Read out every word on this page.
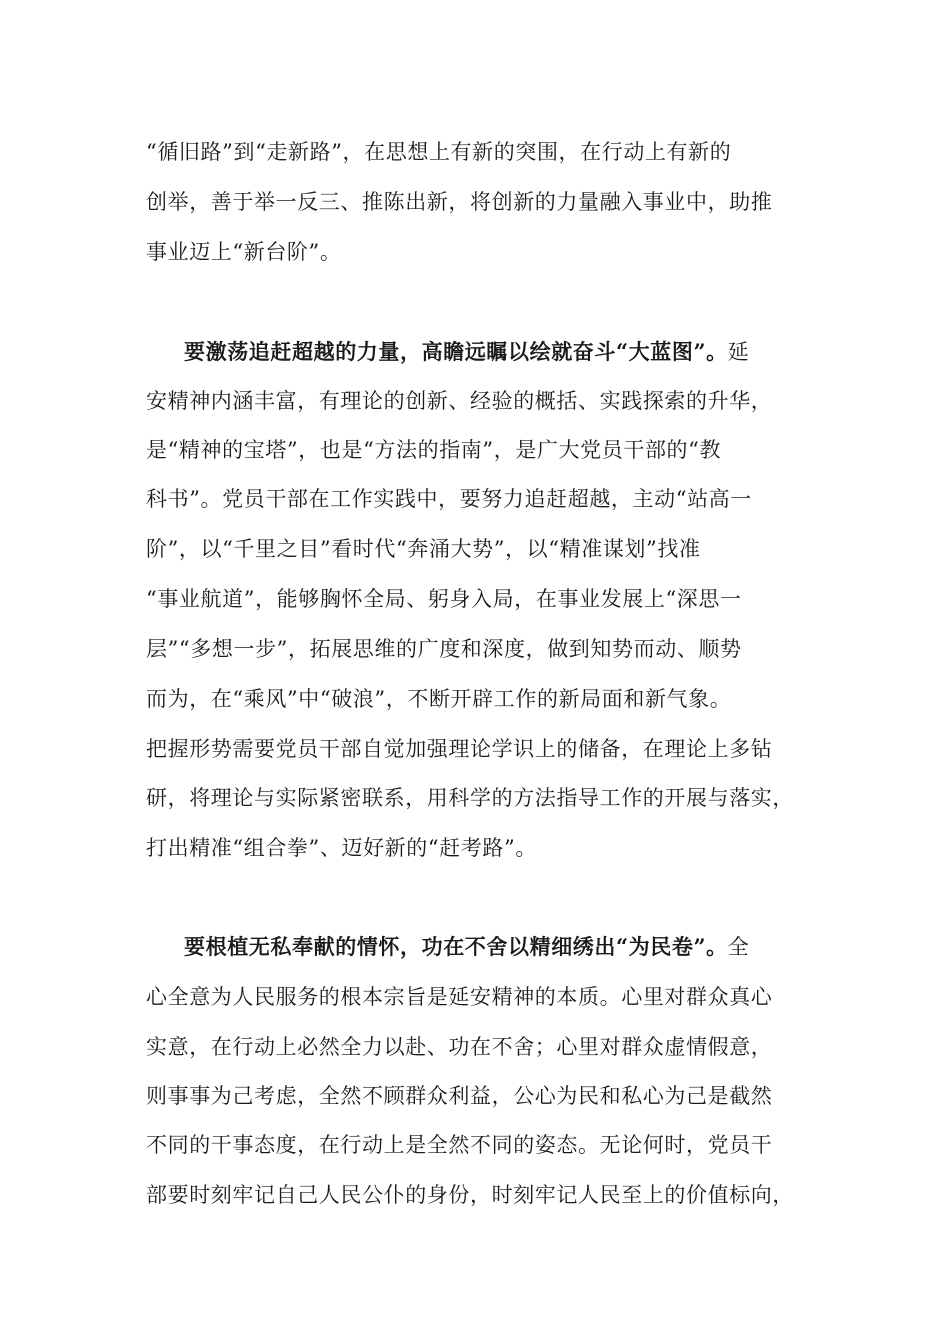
“循旧路”到“走新路”，在思想上有新的突围，在行动上有新的
创举，善于举一反三、推陈出新，将创新的力量融入事业中，助推
事业迈上“新台阶”。
要激荡追赶超越的力量，高瞻远瞩以绘就奋斗“大蓝图”。延
安精神内涵丰富，有理论的创新、经验的概括、实践探索的升华，
是“精神的宝塔”，也是“方法的指南”，是广大党员干部的“教
科书”。党员干部在工作实践中，要努力追赶超越，主动“站高一
阶”，以“千里之目”看时代“奔涌大势”，以“精准谋划”找准
“事业航道”，能够胸怀全局、躬身入局，在事业发展上“深思一
层”“多想一步”，拓展思维的广度和深度，做到知势而动、顺势
而为，在“乘风”中“破浪”，不断开辟工作的新局面和新气象。
把握形势需要党员干部自觉加强理论学识上的储备，在理论上多钻
研，将理论与实际紧密联系，用科学的方法指导工作的开展与落实，
打出精准“组合拳”、迈好新的“赶考路”。
要根植无私奉献的情怀，功在不舍以精细绣出“为民卷”。全
心全意为人民服务的根本宗旨是延安精神的本质。心里对群众真心
实意，在行动上必然全力以赴、功在不舍；心里对群众虚情假意，
则事事为己考虑，全然不顾群众利益，公心为民和私心为己是截然
不同的干事态度，在行动上是全然不同的姿态。无论何时，党员干
部要时刻牢记自己人民公仆的身份，时刻牢记人民至上的价值标向，
